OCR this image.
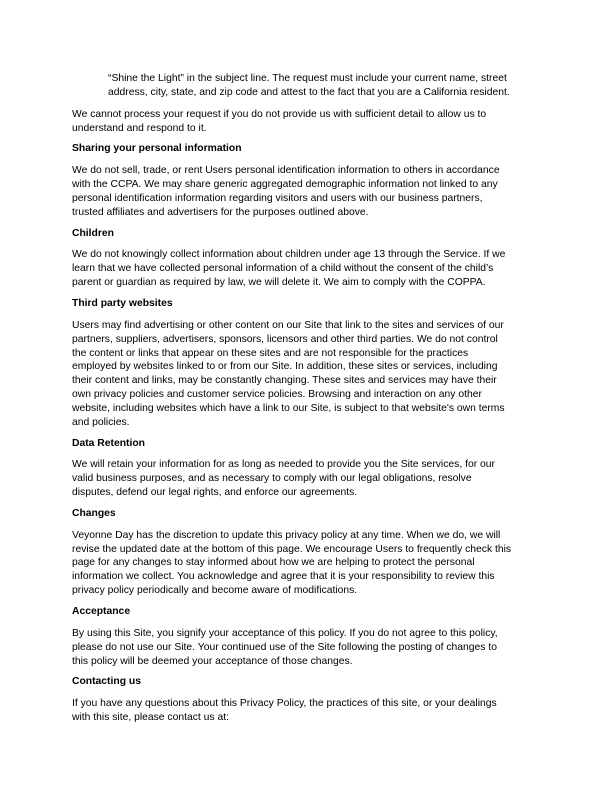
“Shine the Light” in the subject line. The request must include your current name, street
address, city, state, and zip code and attest to the fact that you are a California resident.
We cannot process your request if you do not provide us with sufficient detail to allow us to
understand and respond to it.
Sharing your personal information
We do not sell, trade, or rent Users personal identification information to others in accordance
with the CCPA. We may share generic aggregated demographic information not linked to any
personal identification information regarding visitors and users with our business partners,
trusted affiliates and advertisers for the purposes outlined above.
Children
We do not knowingly collect information about children under age 13 through the Service. If we
learn that we have collected personal information of a child without the consent of the child’s
parent or guardian as required by law, we will delete it. We aim to comply with the COPPA.
Third party websites
Users may find advertising or other content on our Site that link to the sites and services of our
partners, suppliers, advertisers, sponsors, licensors and other third parties. We do not control
the content or links that appear on these sites and are not responsible for the practices
employed by websites linked to or from our Site. In addition, these sites or services, including
their content and links, may be constantly changing. These sites and services may have their
own privacy policies and customer service policies. Browsing and interaction on any other
website, including websites which have a link to our Site, is subject to that website's own terms
and policies.
Data Retention
We will retain your information for as long as needed to provide you the Site services, for our
valid business purposes, and as necessary to comply with our legal obligations, resolve
disputes, defend our legal rights, and enforce our agreements.
Changes
Veyonne Day has the discretion to update this privacy policy at any time. When we do, we will
revise the updated date at the bottom of this page. We encourage Users to frequently check this
page for any changes to stay informed about how we are helping to protect the personal
information we collect. You acknowledge and agree that it is your responsibility to review this
privacy policy periodically and become aware of modifications.
Acceptance
By using this Site, you signify your acceptance of this policy. If you do not agree to this policy,
please do not use our Site. Your continued use of the Site following the posting of changes to
this policy will be deemed your acceptance of those changes.
Contacting us
If you have any questions about this Privacy Policy, the practices of this site, or your dealings
with this site, please contact us at:
